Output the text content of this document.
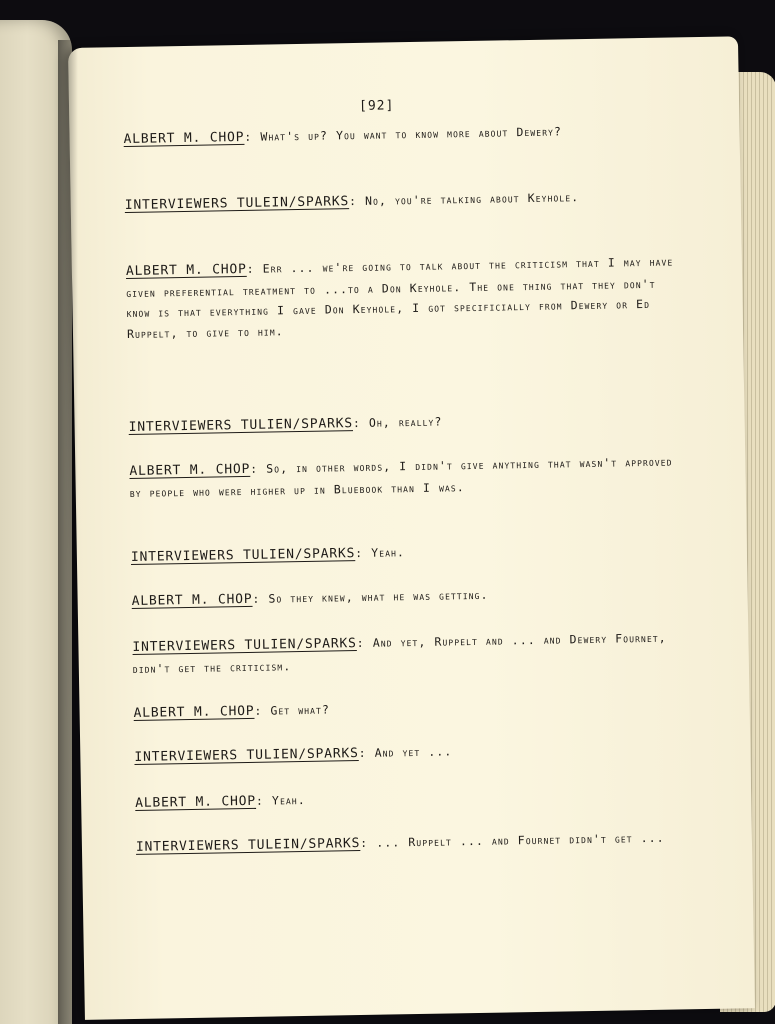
[92]

ALBERT M. CHOP: What's up? You want to know more about Dewery?

INTERVIEWERS TULEIN/SPARKS: No, you're talking about Keyhole.

ALBERT M. CHOP: Err ... we're going to talk about the criticism that I may have given preferential treatment to ...to a Don Keyhole. The one thing that they don't know is that everything I gave Don Keyhole, I got specificially from Dewery or Ed Ruppelt, to give to him.

INTERVIEWERS TULIEN/SPARKS: Oh, really?

ALBERT M. CHOP: So, in other words, I didn't give anything that wasn't approved by people who were higher up in Bluebook than I was.

INTERVIEWERS TULIEN/SPARKS: Yeah.

ALBERT M. CHOP: So they knew, what he was getting.

INTERVIEWERS TULIEN/SPARKS: And yet, Ruppelt and ... and Dewery Fournet, didn't get the criticism.

ALBERT M. CHOP: Get what?

INTERVIEWERS TULIEN/SPARKS: And yet ...

ALBERT M. CHOP: Yeah.

INTERVIEWERS TULEIN/SPARKS: ... Ruppelt ... and Fournet didn't get ...
